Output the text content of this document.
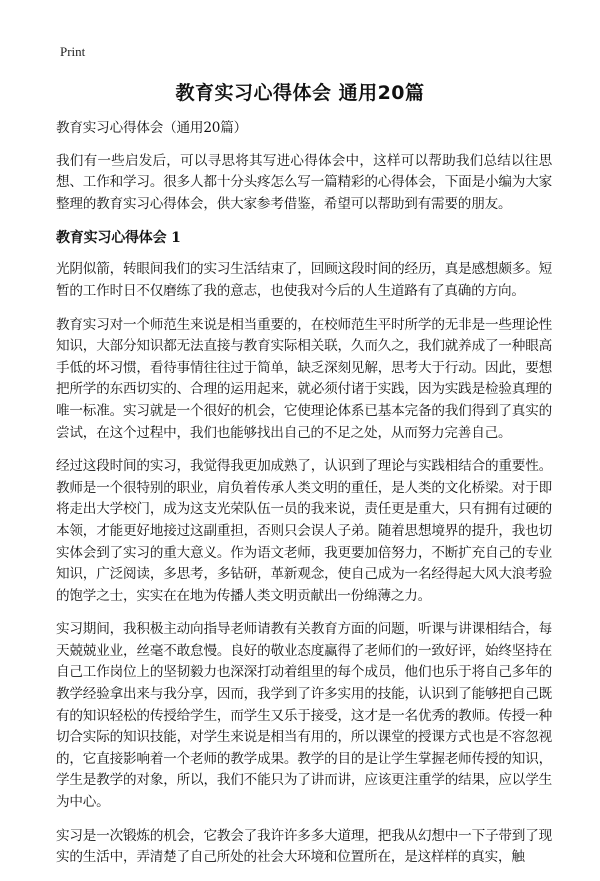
Print
教育实习心得体会 通用20篇

教育实习心得体会（通用20篇）

我们有一些启发后，可以寻思将其写进心得体会中，这样可以帮助我们总结以往思想、工作和学习。很多人都十分头疼怎么写一篇精彩的心得体会，下面是小编为大家整理的教育实习心得体会，供大家参考借鉴，希望可以帮助到有需要的朋友。

教育实习心得体会 1

光阴似箭，转眼间我们的实习生活结束了，回顾这段时间的经历，真是感想颇多。短暂的工作时日不仅磨练了我的意志，也使我对今后的人生道路有了真确的方向。

教育实习对一个师范生来说是相当重要的，在校师范生平时所学的无非是一些理论性知识，大部分知识都无法直接与教育实际相关联，久而久之，我们就养成了一种眼高手低的坏习惯，看待事情往往过于简单，缺乏深刻见解，思考大于行动。因此，要想把所学的东西切实的、合理的运用起来，就必须付诸于实践，因为实践是检验真理的唯一标准。实习就是一个很好的机会，它使理论体系已基本完备的我们得到了真实的尝试，在这个过程中，我们也能够找出自己的不足之处，从而努力完善自己。

经过这段时间的实习，我觉得我更加成熟了，认识到了理论与实践相结合的重要性。教师是一个很特别的职业，肩负着传承人类文明的重任，是人类的文化桥梁。对于即将走出大学校门，成为这支光荣队伍一员的我来说，责任更是重大，只有拥有过硬的本领，才能更好地接过这副重担，否则只会误人子弟。随着思想境界的提升，我也切实体会到了实习的重大意义。作为语文老师，我更要加倍努力，不断扩充自己的专业知识，广泛阅读，多思考，多钻研，革新观念，使自己成为一名经得起大风大浪考验的饱学之士，实实在在地为传播人类文明贡献出一份绵薄之力。

实习期间，我积极主动向指导老师请教有关教育方面的问题，听课与讲课相结合，每天兢兢业业，丝毫不敢怠慢。良好的敬业态度赢得了老师们的一致好评，始终坚持在自己工作岗位上的坚韧毅力也深深打动着组里的每个成员，他们也乐于将自己多年的教学经验拿出来与我分享，因而，我学到了许多实用的技能，认识到了能够把自己既有的知识轻松的传授给学生，而学生又乐于接受，这才是一名优秀的教师。传授一种切合实际的知识技能，对学生来说是相当有用的，所以课堂的授课方式也是不容忽视的，它直接影响着一个老师的教学成果。教学的目的是让学生掌握老师传授的知识，学生是教学的对象，所以，我们不能只为了讲而讲，应该更注重学的结果，应以学生为中心。

实习是一次锻炼的机会，它教会了我许许多多大道理，把我从幻想中一下子带到了现实的生活中，弄清楚了自己所处的社会大环境和位置所在，是这样样的真实，触
